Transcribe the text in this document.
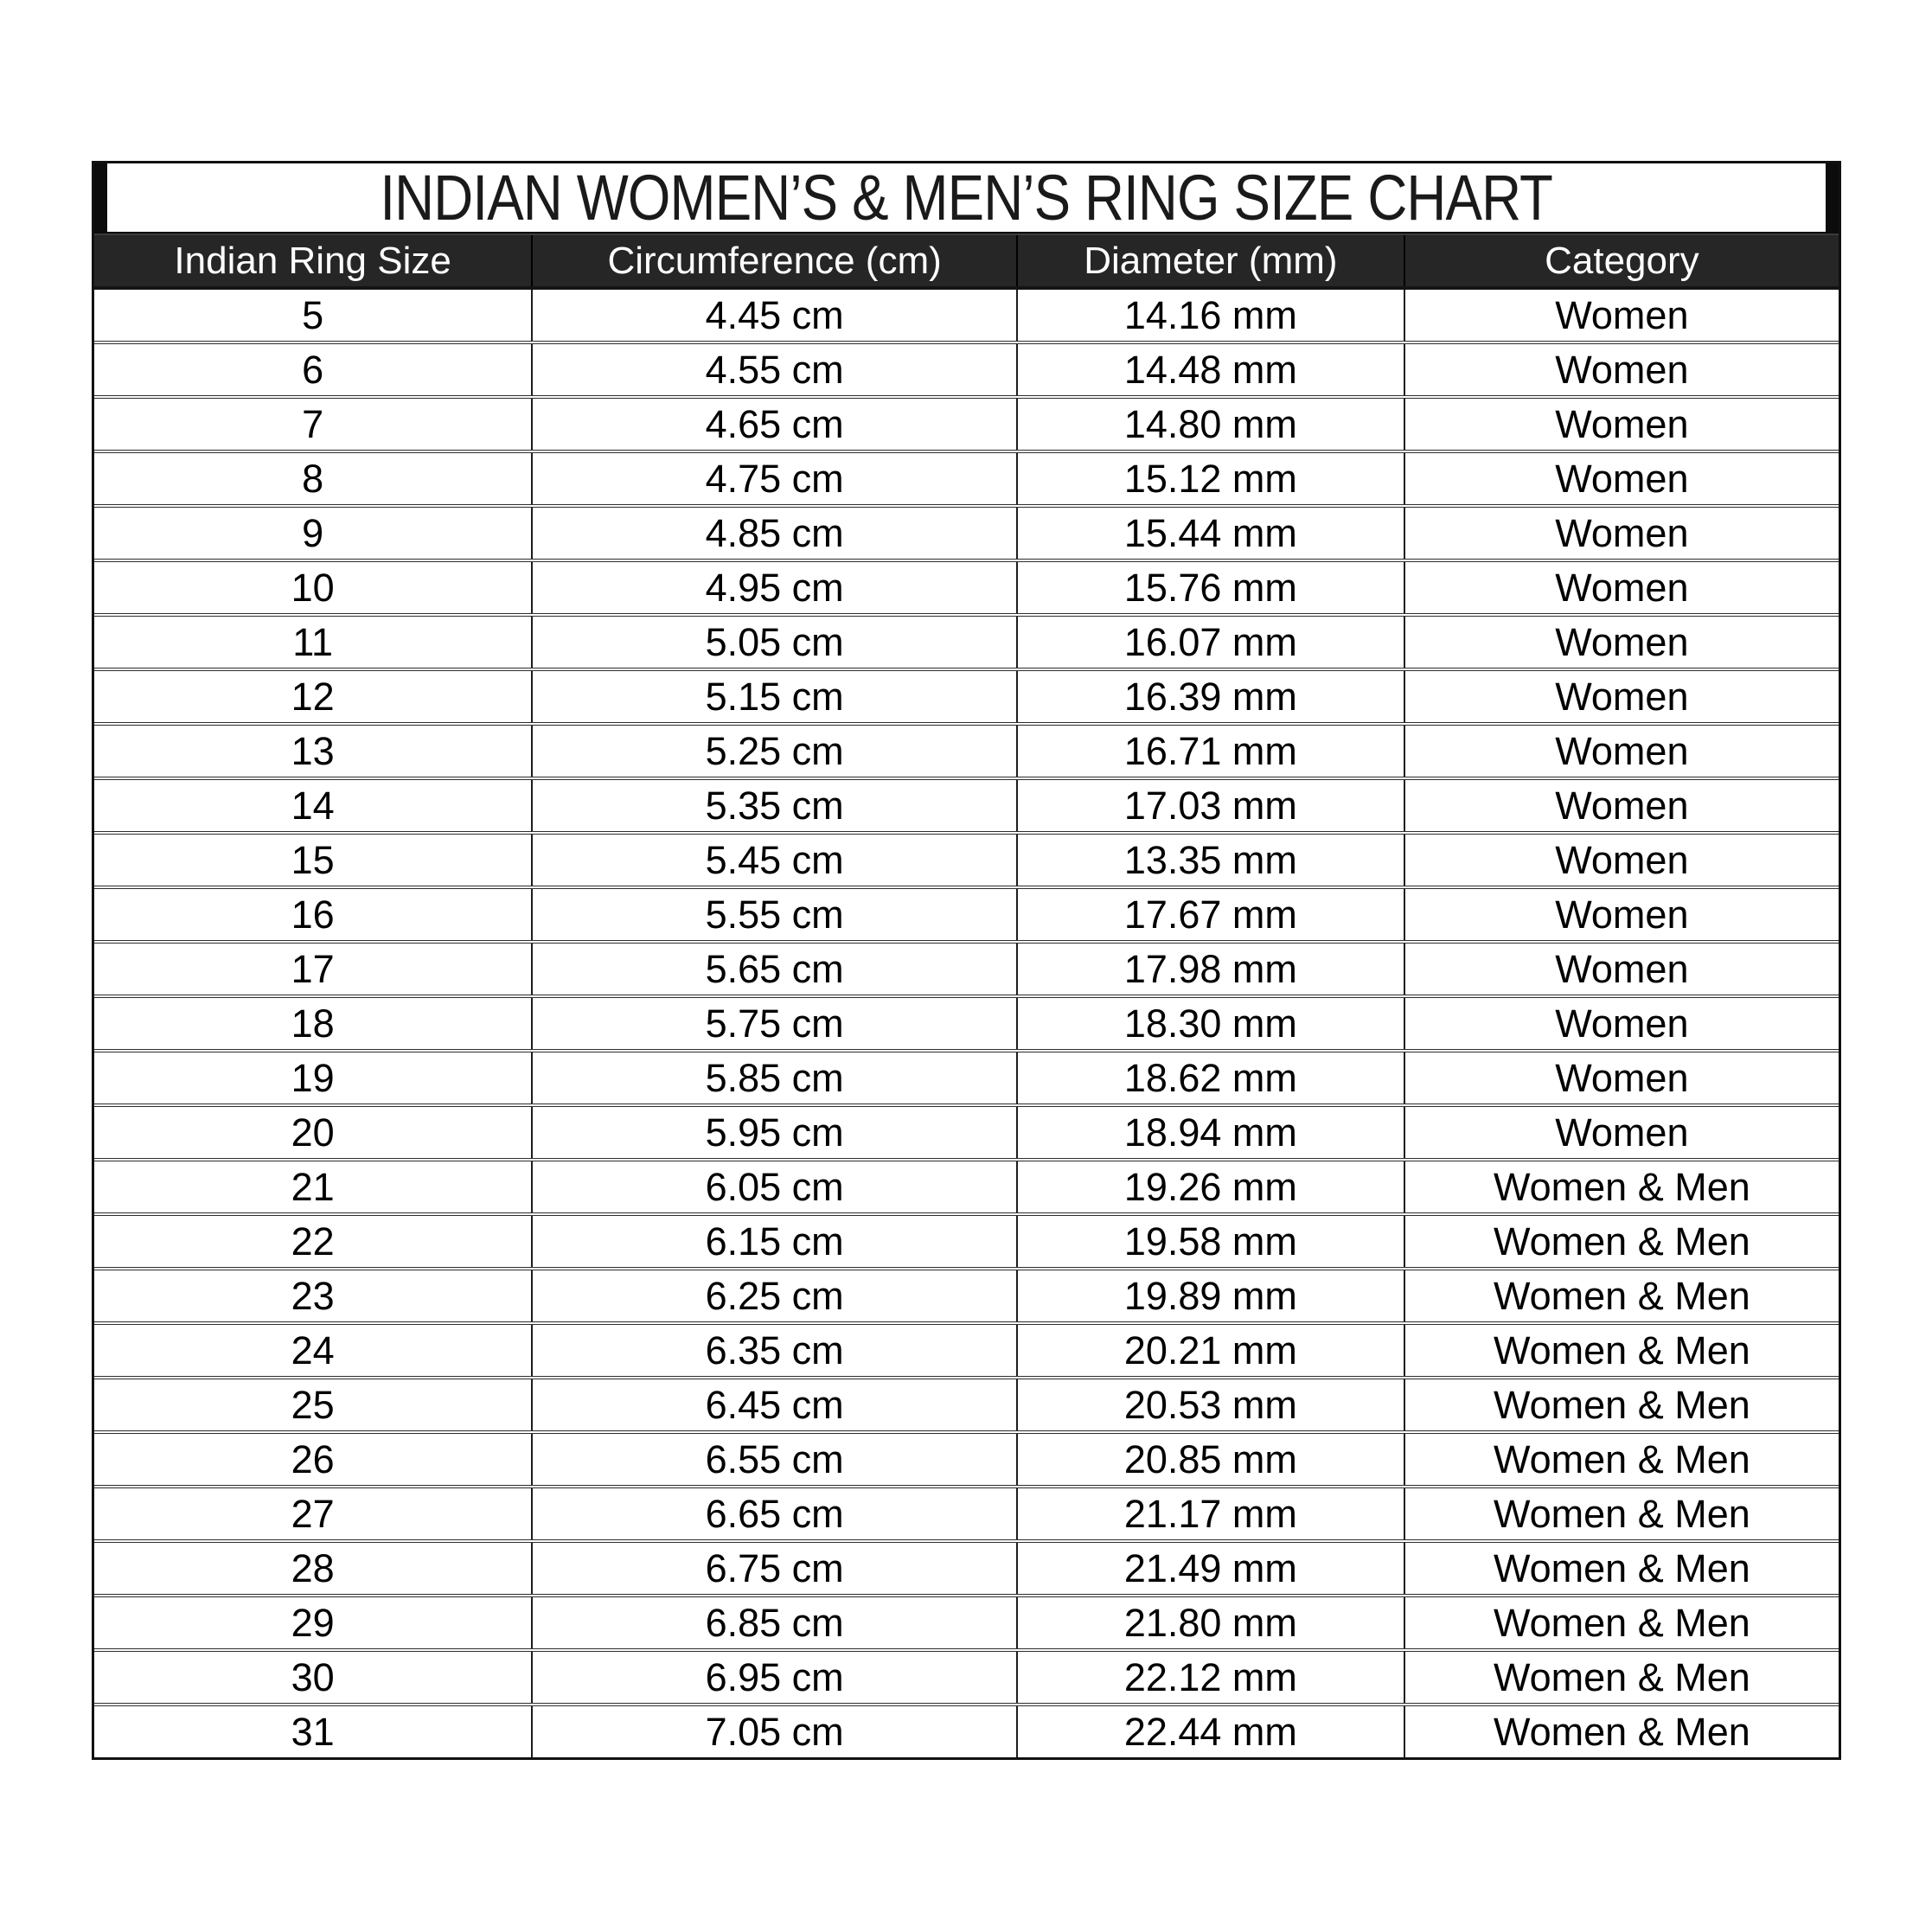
INDIAN WOMEN’S & MEN’S RING SIZE CHART
Indian Ring Size	Circumference (cm)	Diameter (mm)	Category
5	4.45 cm	14.16 mm	Women
6	4.55 cm	14.48 mm	Women
7	4.65 cm	14.80 mm	Women
8	4.75 cm	15.12 mm	Women
9	4.85 cm	15.44 mm	Women
10	4.95 cm	15.76 mm	Women
11	5.05 cm	16.07 mm	Women
12	5.15 cm	16.39 mm	Women
13	5.25 cm	16.71 mm	Women
14	5.35 cm	17.03 mm	Women
15	5.45 cm	13.35 mm	Women
16	5.55 cm	17.67 mm	Women
17	5.65 cm	17.98 mm	Women
18	5.75 cm	18.30 mm	Women
19	5.85 cm	18.62 mm	Women
20	5.95 cm	18.94 mm	Women
21	6.05 cm	19.26 mm	Women & Men
22	6.15 cm	19.58 mm	Women & Men
23	6.25 cm	19.89 mm	Women & Men
24	6.35 cm	20.21 mm	Women & Men
25	6.45 cm	20.53 mm	Women & Men
26	6.55 cm	20.85 mm	Women & Men
27	6.65 cm	21.17 mm	Women & Men
28	6.75 cm	21.49 mm	Women & Men
29	6.85 cm	21.80 mm	Women & Men
30	6.95 cm	22.12 mm	Women & Men
31	7.05 cm	22.44 mm	Women & Men
